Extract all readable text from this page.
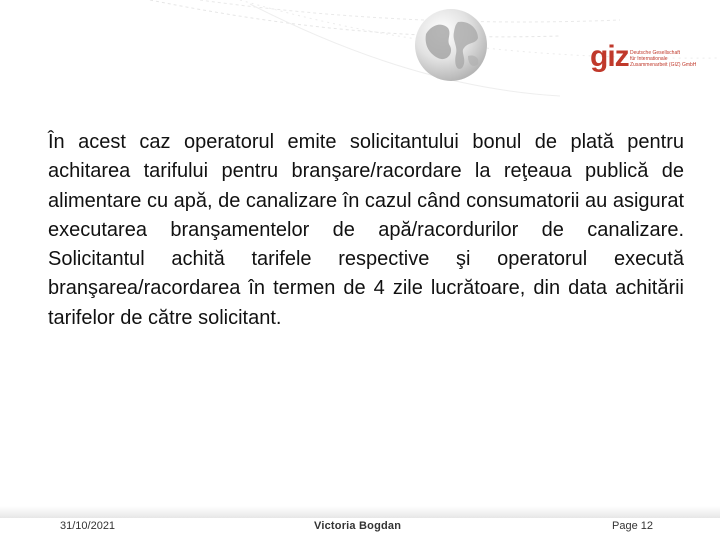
giz Deutsche Gesellschaft
für Internationale
Zusammenarbeit (GIZ) GmbH

În acest caz operatorul emite solicitantului bonul de plată pentru achitarea tarifului pentru branşare/racordare la reţeaua publică de alimentare cu apă, de canalizare în cazul când consumatorii au asigurat executarea branşamentelor de apă/racordurilor de canalizare. Solicitantul achită tarifele respective şi operatorul execută branşarea/racordarea în termen de 4 zile lucrătoare, din data achitării tarifelor de către solicitant.

31/10/2021	Victoria Bogdan	Page 12
